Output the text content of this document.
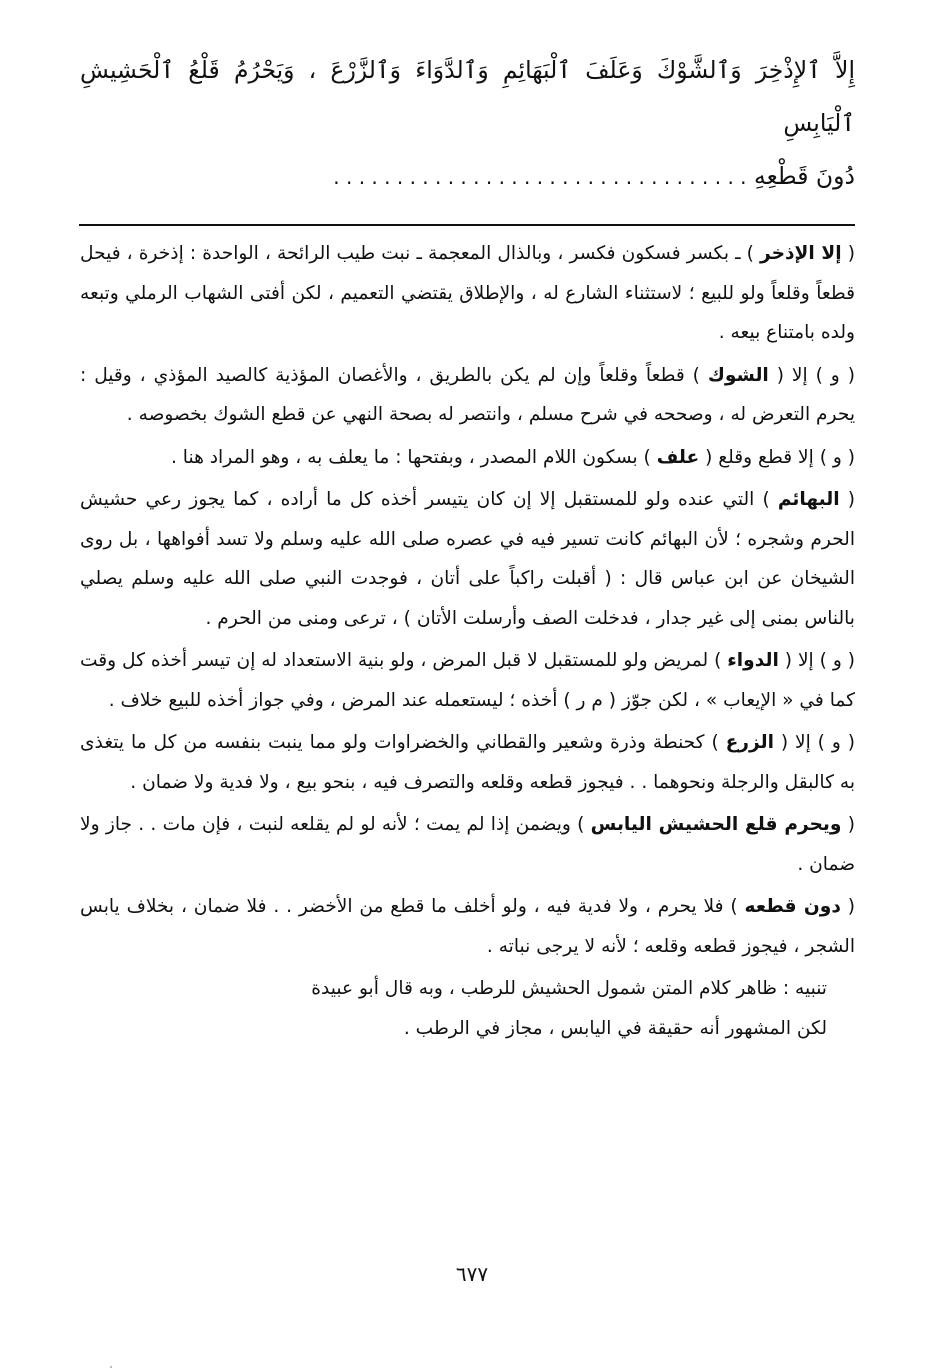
إِلاَّ ٱلإِذْخِرَ وَٱلشَّوْكَ وَعَلَفَ ٱلْبَهَائِمِ وَٱلدَّوَاءَ وَٱلزَّرْعَ ، وَيَحْرُمُ قَلْعُ ٱلْحَشِيشِ ٱلْيَابِسِ
دُونَ قَطْعِهِ . . . . . . . . . . . . . . . . . . . . . . . . . . . . . . . . .

( إلا الإذخر ) ـ بكسر فسكون فكسر ، وبالذال المعجمة ـ نبت طيب الرائحة ، الواحدة : إذخرة ، فيحل قطعاً وقلعاً ولو للبيع ؛ لاستثناء الشارع له ، والإطلاق يقتضي التعميم ، لكن أفتى الشهاب الرملي وتبعه ولده بامتناع بيعه .

( و ) إلا ( الشوك ) قطعاً وقلعاً وإن لم يكن بالطريق ، والأغصان المؤذية كالصيد المؤذي ، وقيل : يحرم التعرض له ، وصححه في شرح مسلم ، وانتصر له بصحة النهي عن قطع الشوك بخصوصه .

( و ) إلا قطع وقلع ( علف ) بسكون اللام المصدر ، وبفتحها : ما يعلف به ، وهو المراد هنا .

( البهائم ) التي عنده ولو للمستقبل إلا إن كان يتيسر أخذه كل ما أراده ، كما يجوز رعي حشيش الحرم وشجره ؛ لأن البهائم كانت تسير فيه في عصره صلى الله عليه وسلم ولا تسد أفواهها ، بل روى الشيخان عن ابن عباس قال : ( أقبلت راكباً على أتان ، فوجدت النبي صلى الله عليه وسلم يصلي بالناس بمنى إلى غير جدار ، فدخلت الصف وأرسلت الأتان ) ، ترعى ومنى من الحرم .

( و ) إلا ( الدواء ) لمريض ولو للمستقبل لا قبل المرض ، ولو بنية الاستعداد له إن تيسر أخذه كل وقت كما في « الإيعاب » ، لكن جوّز ( م ر ) أخذه ؛ ليستعمله عند المرض ، وفي جواز أخذه للبيع خلاف .

( و ) إلا ( الزرع ) كحنطة وذرة وشعير والقطاني والخضراوات ولو مما ينبت بنفسه من كل ما يتغذى به كالبقل والرجلة ونحوهما . . فيجوز قطعه وقلعه والتصرف فيه ، بنحو بيع ، ولا فدية ولا ضمان .

( ويحرم قلع الحشيش اليابس ) ويضمن إذا لم يمت ؛ لأنه لو لم يقلعه لنبت ، فإن مات . . جاز ولا ضمان .

( دون قطعه ) فلا يحرم ، ولا فدية فيه ، ولو أخلف ما قطع من الأخضر . . فلا ضمان ، بخلاف يابس الشجر ، فيجوز قطعه وقلعه ؛ لأنه لا يرجى نباته .

تنبيه : ظاهر كلام المتن شمول الحشيش للرطب ، وبه قال أبو عبيدة
لكن المشهور أنه حقيقة في اليابس ، مجاز في الرطب .

٦٧٧
